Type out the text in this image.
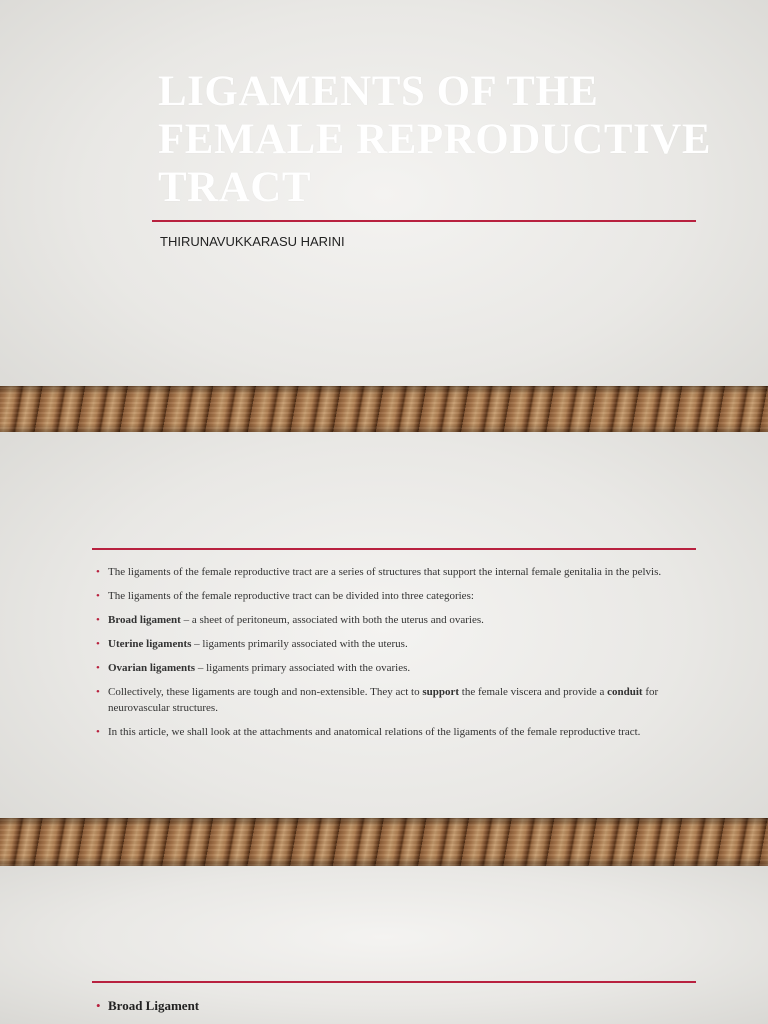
LIGAMENTS OF THE FEMALE REPRODUCTIVE TRACT
THIRUNAVUKKARASU HARINI
• The ligaments of the female reproductive tract are a series of structures that support the internal female genitalia in the pelvis.
• The ligaments of the female reproductive tract can be divided into three categories:
• Broad ligament – a sheet of peritoneum, associated with both the uterus and ovaries.
• Uterine ligaments – ligaments primarily associated with the uterus.
• Ovarian ligaments – ligaments primary associated with the ovaries.
• Collectively, these ligaments are tough and non-extensible. They act to support the female viscera and provide a conduit for neurovascular structures.
• In this article, we shall look at the attachments and anatomical relations of the ligaments of the female reproductive tract.
• Broad Ligament
